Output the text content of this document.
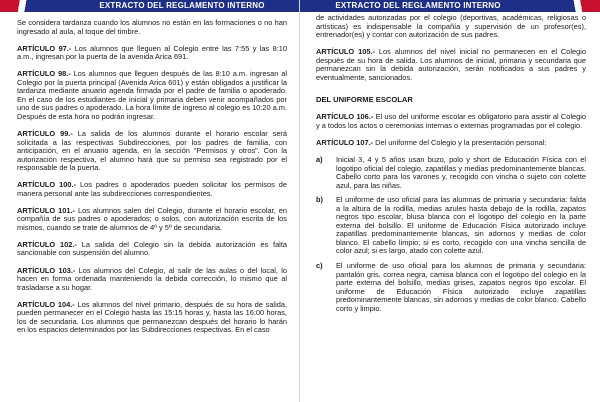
EXTRACTO DEL REGLAMENTO INTERNO

Se considera tardanza cuando los alumnos no están en las formaciones o no han ingresado al aula, al toque del timbre.

ARTÍCULO 97.- Los alumnos que lleguen al Colegio entre las 7:55 y las 8:10 a.m., ingresan por la puerta de la avenida Arica 691.

ARTÍCULO 98.- Los alumnos que lleguen después de las 8:10 a.m. ingresan al Colegio por la puerta principal (Avenida Arica 601) y están obligados a justificar la tardanza mediante anuario agenda firmada por el padre de familia o apoderado. En el caso de los estudiantes de inicial y primaria deben venir acompañados por uno de sus padres o apoderado. La hora límite de ingreso al colegio es 10:20 a.m. Después de esta hora no podrán ingresar.

ARTÍCULO 99.- La salida de los alumnos durante el horario escolar será solicitada a las respectivas Subdirecciones, por los padres de familia, con anticipación, en el anuario agenda, en la sección "Permisos y otros". Con la autorización respectiva, el alumno hará que su permiso sea registrado por el responsable de la puerta.

ARTÍCULO 100.- Los padres o apoderados pueden solicitar los permisos de manera personal ante las subdirecciones correspondientes.

ARTÍCULO 101.- Los alumnos salen del Colegio, durante el horario escolar, en compañía de sus padres o apoderados; o solos, con autorización escrita de los mismos, cuando se trate de alumnos de 4º y 5º de secundaria.

ARTÍCULO 102.- La salida del Colegio sin la debida autorización es falta sancionable con suspensión del alumno.

ARTÍCULO 103.- Los alumnos del Colegio, al salir de las aulas o del local, lo hacen en forma ordenada manteniendo la debida corrección, lo mismo que al trasladarse a su hogar.

ARTÍCULO 104.- Los alumnos del nivel primario, después de su hora de salida, pueden permanecer en el Colegio hasta las 15:15 horas y, hasta las 16:00 horas, los de secundaria. Los alumnos que permanezcan después del horario lo harán en los espacios determinados por las Subdirecciones respectivas. En el caso

EXTRACTO DEL REGLAMENTO INTERNO

de actividades autorizadas por el colegio (deportivas, académicas, religiosas o artísticas) es indispensable la compañía y supervisión de un profesor(es), entrenador(es) y contar con autorización de sus padres.

ARTÍCULO 105.- Los alumnos del nivel inicial no permanecen en el Colegio después de su hora de salida. Los alumnos de inicial, primaria y secundaria que permanezcan sin la debida autorización, serán notificados a sus padres y eventualmente, sancionados.

DEL UNIFORME ESCOLAR

ARTÍCULO 106.- El uso del uniforme escolar es obligatorio para asistir al Colegio y a todos los actos o ceremonias internas o externas programadas por el colegio.

ARTÍCULO 107.- Del uniforme del Colegio y la presentación personal:

a)	Inicial 3, 4 y 5 años usan buzo, polo y short de Educación Física con el logotipo oficial del colegio, zapatillas y medias predominantemente blancas. Cabello corto para los varones y, recogido con vincha o sujeto con colette azul, para las niñas.
b)	El uniforme de uso oficial para las alumnas de primaria y secundaria: falda a la altura de la rodilla, medias azules hasta debajo de la rodilla, zapatos negros tipo escolar, blusa blanca con el logotipo del colegio en la parte externa del bolsillo. El uniforme de Educación Física autorizado incluye zapatillas predominantemente blancas, sin adornos y medias de color blanco. El cabello limpio; si es corto, recogido con una vincha sencilla de color azul; si es largo, atado con colette azul.
c)	El uniforme de uso oficial para los alumnos de primaria y secundaria: pantalón gris, correa negra, camisa blanca con el logotipo del colegio en la parte externa del bolsillo, medias grises, zapatos negros tipo escolar. El uniforme de Educación Física autorizado incluye zapatillas predominantemente blancas, sin adornos y medias de color blanco. Cabello corto y limpio.
